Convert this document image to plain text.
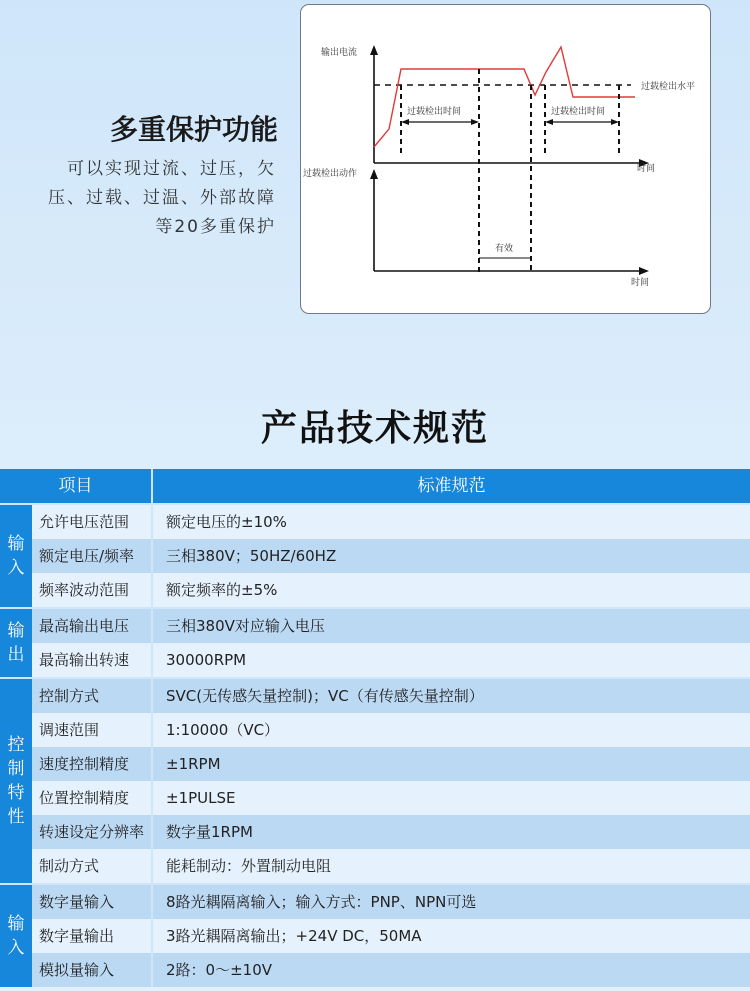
多重保护功能
可以实现过流、过压，欠
压、过载、过温、外部故障
等20多重保护
输出电流
过载检出水平
过载检出时间	过载检出时间
时间
过载检出动作
有效
时间
产品技术规范
项目	标准规范
输入
允许电压范围	额定电压的±10%
额定电压/频率	三相380V；50HZ/60HZ
频率波动范围	额定频率的±5%
输出
最高输出电压	三相380V对应输入电压
最高输出转速	30000RPM
控制特性
控制方式	SVC(无传感矢量控制)；VC（有传感矢量控制）
调速范围	1:10000（VC）
速度控制精度	±1RPM
位置控制精度	±1PULSE
转速设定分辨率	数字量1RPM
制动方式	能耗制动：外置制动电阻
输入
数字量输入	8路光耦隔离输入；输入方式：PNP、NPN可选
数字量输出	3路光耦隔离输出；+24V DC，50MA
模拟量输入	2路：0～±10V
